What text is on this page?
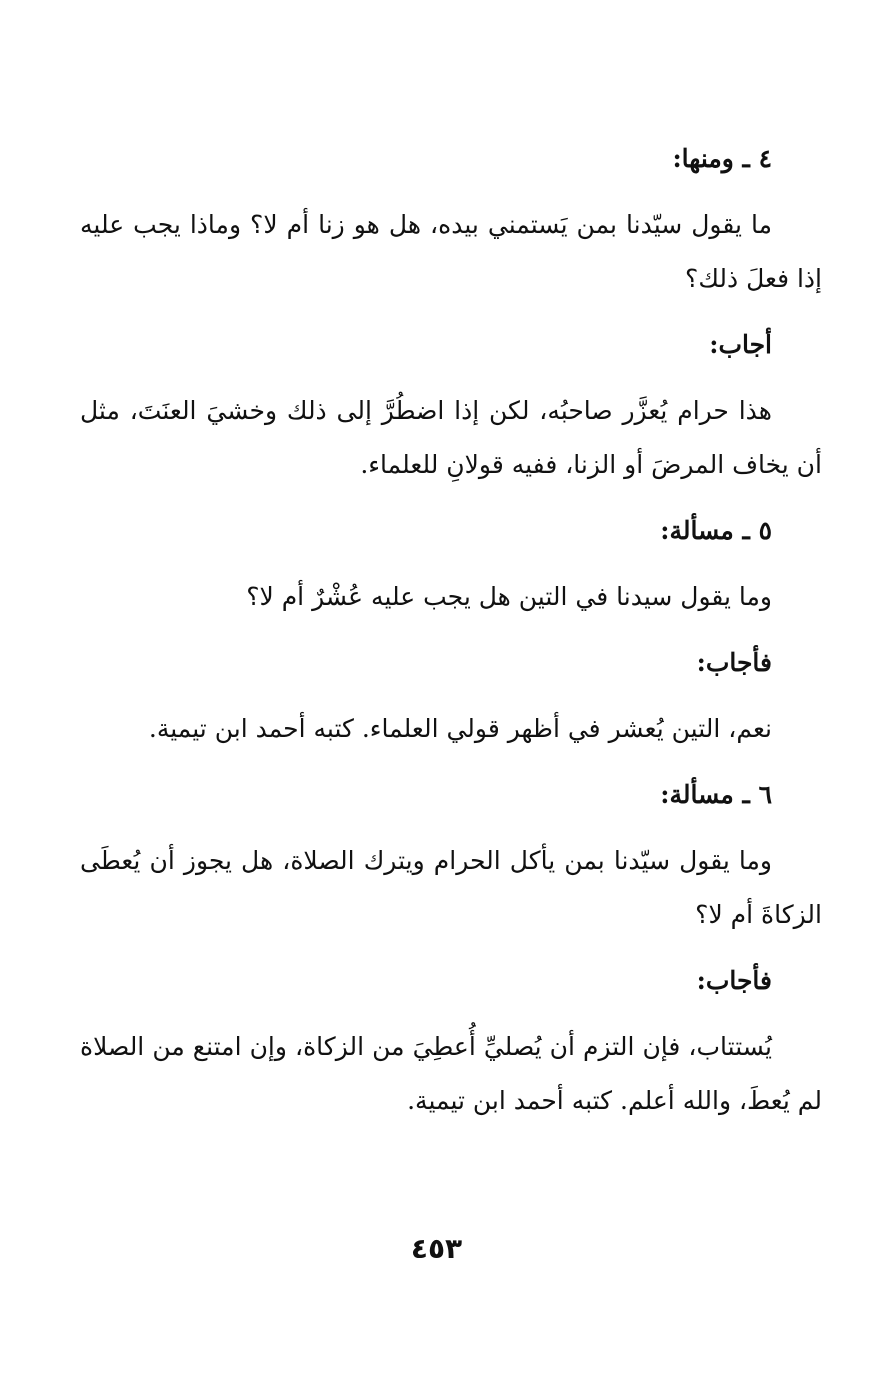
٤ ـ ومنها:

ما يقول سيّدنا بمن يَستمني بيده، هل هو زنا أم لا؟ وماذا يجب عليه إذا فعلَ ذلك؟

أجاب:

هذا حرام يُعزَّر صاحبُه، لكن إذا اضطُرَّ إلى ذلك وخشيَ العنَتَ، مثل أن يخاف المرضَ أو الزنا، ففيه قولانِ للعلماء.

٥ ـ مسألة:

وما يقول سيدنا في التين هل يجب عليه عُشْرٌ أم لا؟

فأجاب:

نعم، التين يُعشر في أظهر قولي العلماء. كتبه أحمد ابن تيمية.

٦ ـ مسألة:

وما يقول سيّدنا بمن يأكل الحرام ويترك الصلاة، هل يجوز أن يُعطَى الزكاةَ أم لا؟

فأجاب:

يُستتاب، فإن التزم أن يُصليِّ أُعطِيَ من الزكاة، وإن امتنع من الصلاة لم يُعطَ، والله أعلم. كتبه أحمد ابن تيمية.

٤٥٣
